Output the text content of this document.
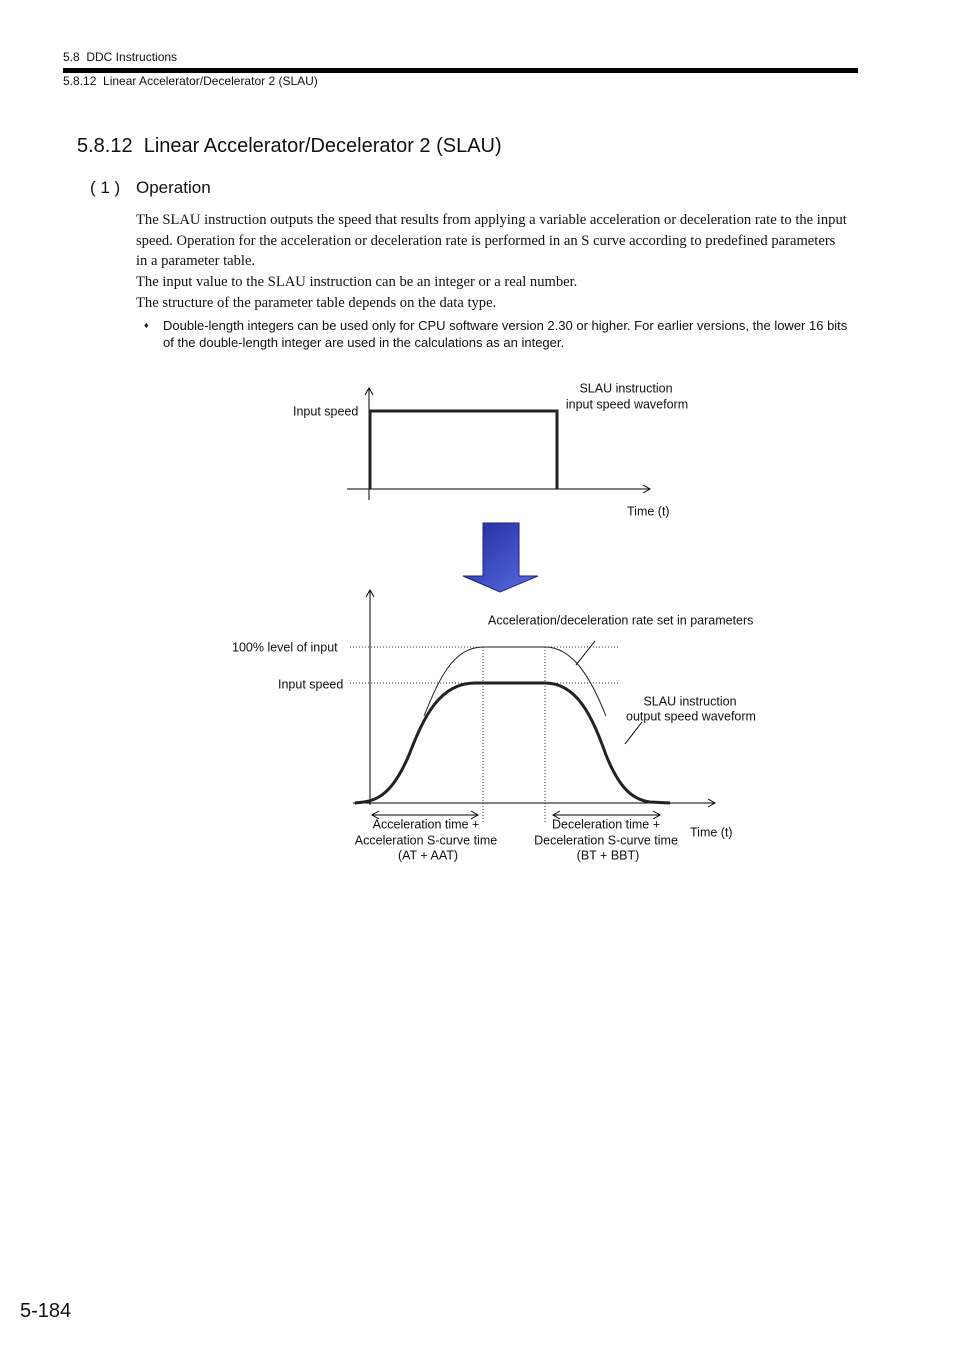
5.8  DDC Instructions
5.8.12  Linear Accelerator/Decelerator 2 (SLAU)
5.8.12  Linear Accelerator/Decelerator 2 (SLAU)
( 1 ) Operation

The SLAU instruction outputs the speed that results from applying a variable acceleration or deceleration rate to the input speed. Operation for the acceleration or deceleration rate is performed in an S curve according to predefined parameters in a parameter table.

The input value to the SLAU instruction can be an integer or a real number.

The structure of the parameter table depends on the data type.

♦ Double-length integers can be used only for CPU software version 2.30 or higher. For earlier versions, the lower 16 bits of the double-length integer are used in the calculations as an integer.
Input speed
SLAU instruction
input speed waveform
Time (t)
Acceleration/deceleration rate set in parameters
100% level of input
Input speed
SLAU instruction
output speed waveform
Acceleration time +
Acceleration S-curve time
(AT + AAT)
Deceleration time +
Deceleration S-curve time
(BT + BBT)
Time (t)
5-184
